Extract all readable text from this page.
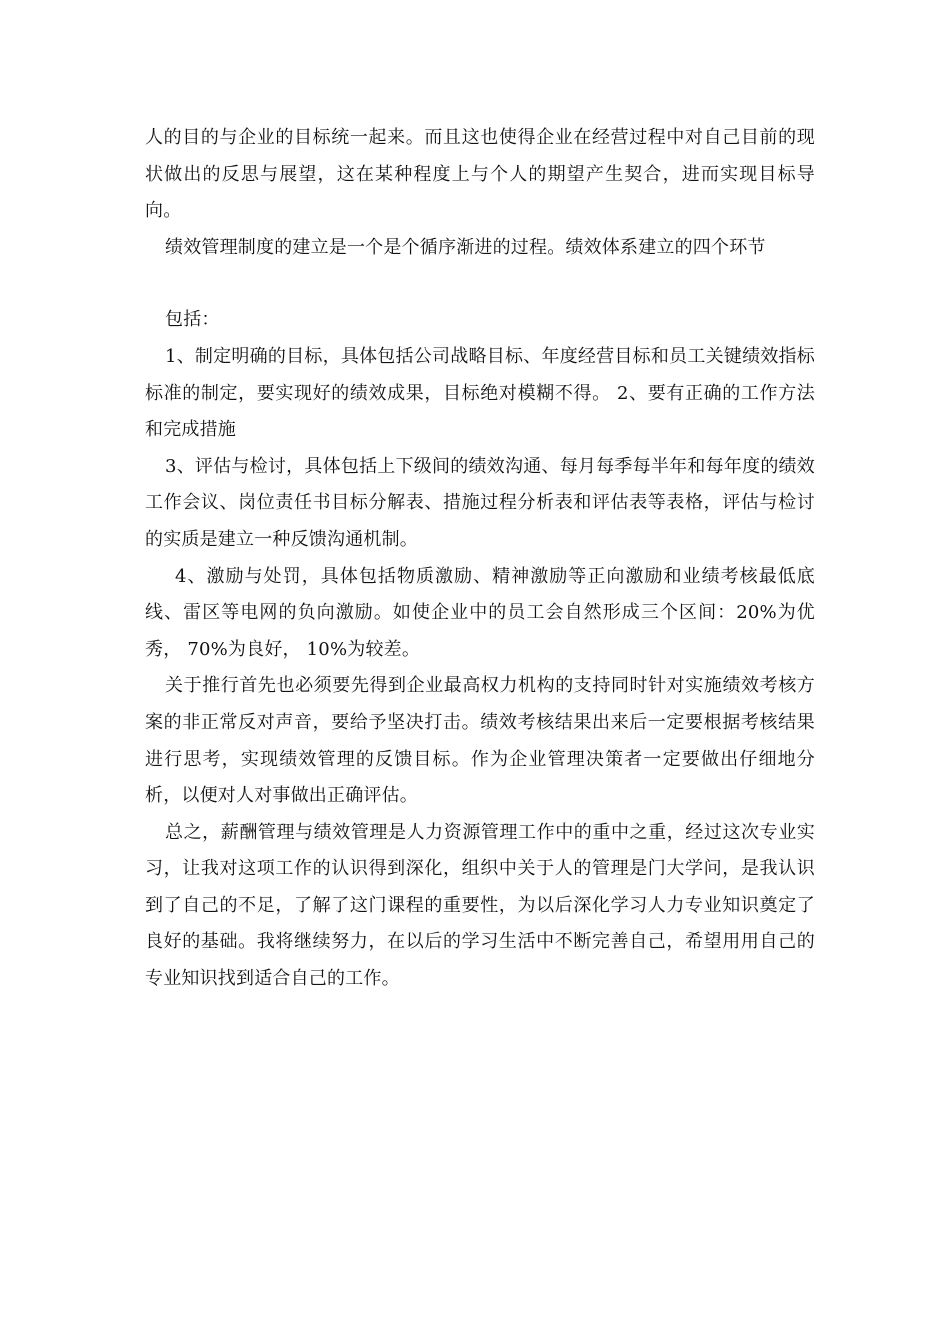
人的目的与企业的目标统一起来。而且这也使得企业在经营过程中对自己目前的现状做出的反思与展望，这在某种程度上与个人的期望产生契合，进而实现目标导向。

绩效管理制度的建立是一个是个循序渐进的过程。绩效体系建立的四个环节

包括：

1、制定明确的目标，具体包括公司战略目标、年度经营目标和员工关键绩效指标标准的制定，要实现好的绩效成果，目标绝对模糊不得。 2、要有正确的工作方法和完成措施

3、评估与检讨，具体包括上下级间的绩效沟通、每月每季每半年和每年度的绩效工作会议、岗位责任书目标分解表、措施过程分析表和评估表等表格，评估与检讨的实质是建立一种反馈沟通机制。

4、激励与处罚，具体包括物质激励、精神激励等正向激励和业绩考核最低底线、雷区等电网的负向激励。如使企业中的员工会自然形成三个区间：20%为优秀， 70%为良好， 10%为较差。

关于推行首先也必须要先得到企业最高权力机构的支持同时针对实施绩效考核方案的非正常反对声音，要给予坚决打击。绩效考核结果出来后一定要根据考核结果进行思考，实现绩效管理的反馈目标。作为企业管理决策者一定要做出仔细地分析，以便对人对事做出正确评估。

总之，薪酬管理与绩效管理是人力资源管理工作中的重中之重，经过这次专业实习，让我对这项工作的认识得到深化，组织中关于人的管理是门大学问，是我认识到了自己的不足，了解了这门课程的重要性，为以后深化学习人力专业知识奠定了良好的基础。我将继续努力，在以后的学习生活中不断完善自己，希望用用自己的专业知识找到适合自己的工作。
